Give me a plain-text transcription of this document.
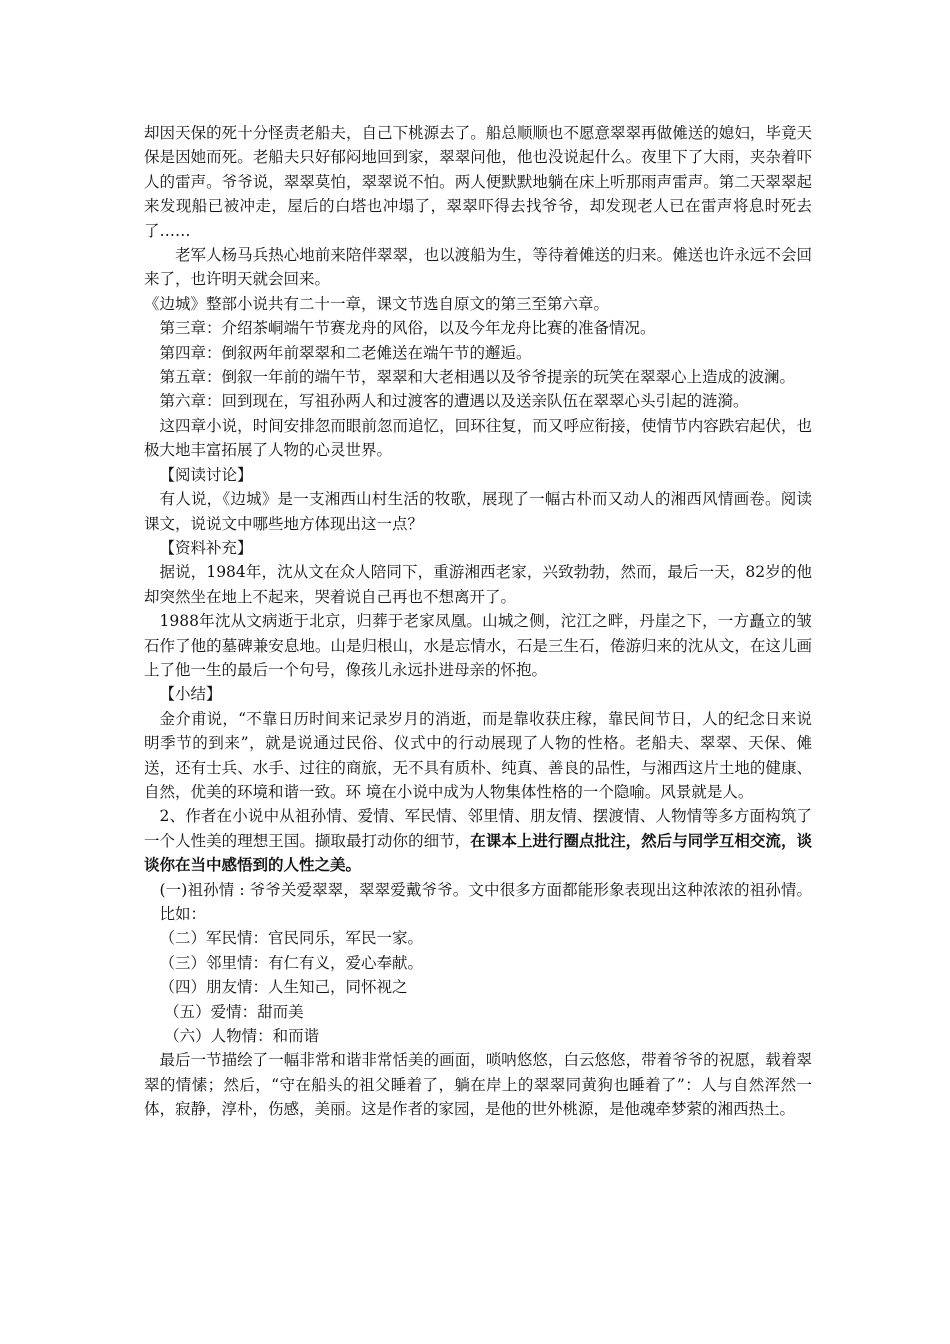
却因天保的死十分怪责老船夫，自己下桃源去了。船总顺顺也不愿意翠翠再做傩送的媳妇，毕竟天保是因她而死。老船夫只好郁闷地回到家，翠翠问他，他也没说起什么。夜里下了大雨，夹杂着吓人的雷声。爷爷说，翠翠莫怕，翠翠说不怕。两人便默默地躺在床上听那雨声雷声。第二天翠翠起来发现船已被冲走，屋后的白塔也冲塌了，翠翠吓得去找爷爷，却发现老人已在雷声将息时死去了……

老军人杨马兵热心地前来陪伴翠翠，也以渡船为生，等待着傩送的归来。傩送也许永远不会回来了，也许明天就会回来。

《边城》整部小说共有二十一章，课文节选自原文的第三至第六章。

第三章：介绍茶峒端午节赛龙舟的风俗，以及今年龙舟比赛的准备情况。

第四章：倒叙两年前翠翠和二老傩送在端午节的邂逅。

第五章：倒叙一年前的端午节，翠翠和大老相遇以及爷爷提亲的玩笑在翠翠心上造成的波澜。

第六章：回到现在，写祖孙两人和过渡客的遭遇以及送亲队伍在翠翠心头引起的涟漪。

这四章小说，时间安排忽而眼前忽而追忆，回环往复，而又呼应衔接，使情节内容跌宕起伏，也极大地丰富拓展了人物的心灵世界。

【阅读讨论】

有人说，《边城》是一支湘西山村生活的牧歌，展现了一幅古朴而又动人的湘西风情画卷。阅读课文，说说文中哪些地方体现出这一点？

【资料补充】

据说，1984年，沈从文在众人陪同下，重游湘西老家，兴致勃勃，然而，最后一天，82岁的他却突然坐在地上不起来，哭着说自己再也不想离开了。

1988年沈从文病逝于北京，归葬于老家凤凰。山城之侧，沱江之畔，丹崖之下，一方矗立的皱石作了他的墓碑兼安息地。山是归根山，水是忘情水，石是三生石，倦游归来的沈从文，在这儿画上了他一生的最后一个句号，像孩儿永远扑进母亲的怀抱。

【小结】

金介甫说，“不靠日历时间来记录岁月的消逝，而是靠收获庄稼，靠民间节日，人的纪念日来说明季节的到来”，就是说通过民俗、仪式中的行动展现了人物的性格。老船夫、翠翠、天保、傩送，还有士兵、水手、过往的商旅，无不具有质朴、纯真、善良的品性，与湘西这片土地的健康、自然，优美的环境和谐一致。环 境在小说中成为人物集体性格的一个隐喻。风景就是人。

2、作者在小说中从祖孙情、爱情、军民情、邻里情、朋友情、摆渡情、人物情等多方面构筑了一个人性美的理想王国。撷取最打动你的细节，在课本上进行圈点批注，然后与同学互相交流，谈谈你在当中感悟到的人性之美。

(一)祖孙情 : 爷爷关爱翠翠，翠翠爱戴爷爷。文中很多方面都能形象表现出这种浓浓的祖孙情。比如：

（二）军民情：官民同乐，军民一家。

（三）邻里情：有仁有义，爱心奉献。

（四）朋友情：人生知己，同怀视之

（五）爱情：甜而美

（六）人物情：和而谐

最后一节描绘了一幅非常和谐非常恬美的画面，唢呐悠悠，白云悠悠，带着爷爷的祝愿，载着翠翠的情愫；然后，“守在船头的祖父睡着了，躺在岸上的翠翠同黄狗也睡着了”：人与自然浑然一体，寂静，淳朴，伤感，美丽。这是作者的家园，是他的世外桃源，是他魂牵梦萦的湘西热土。
